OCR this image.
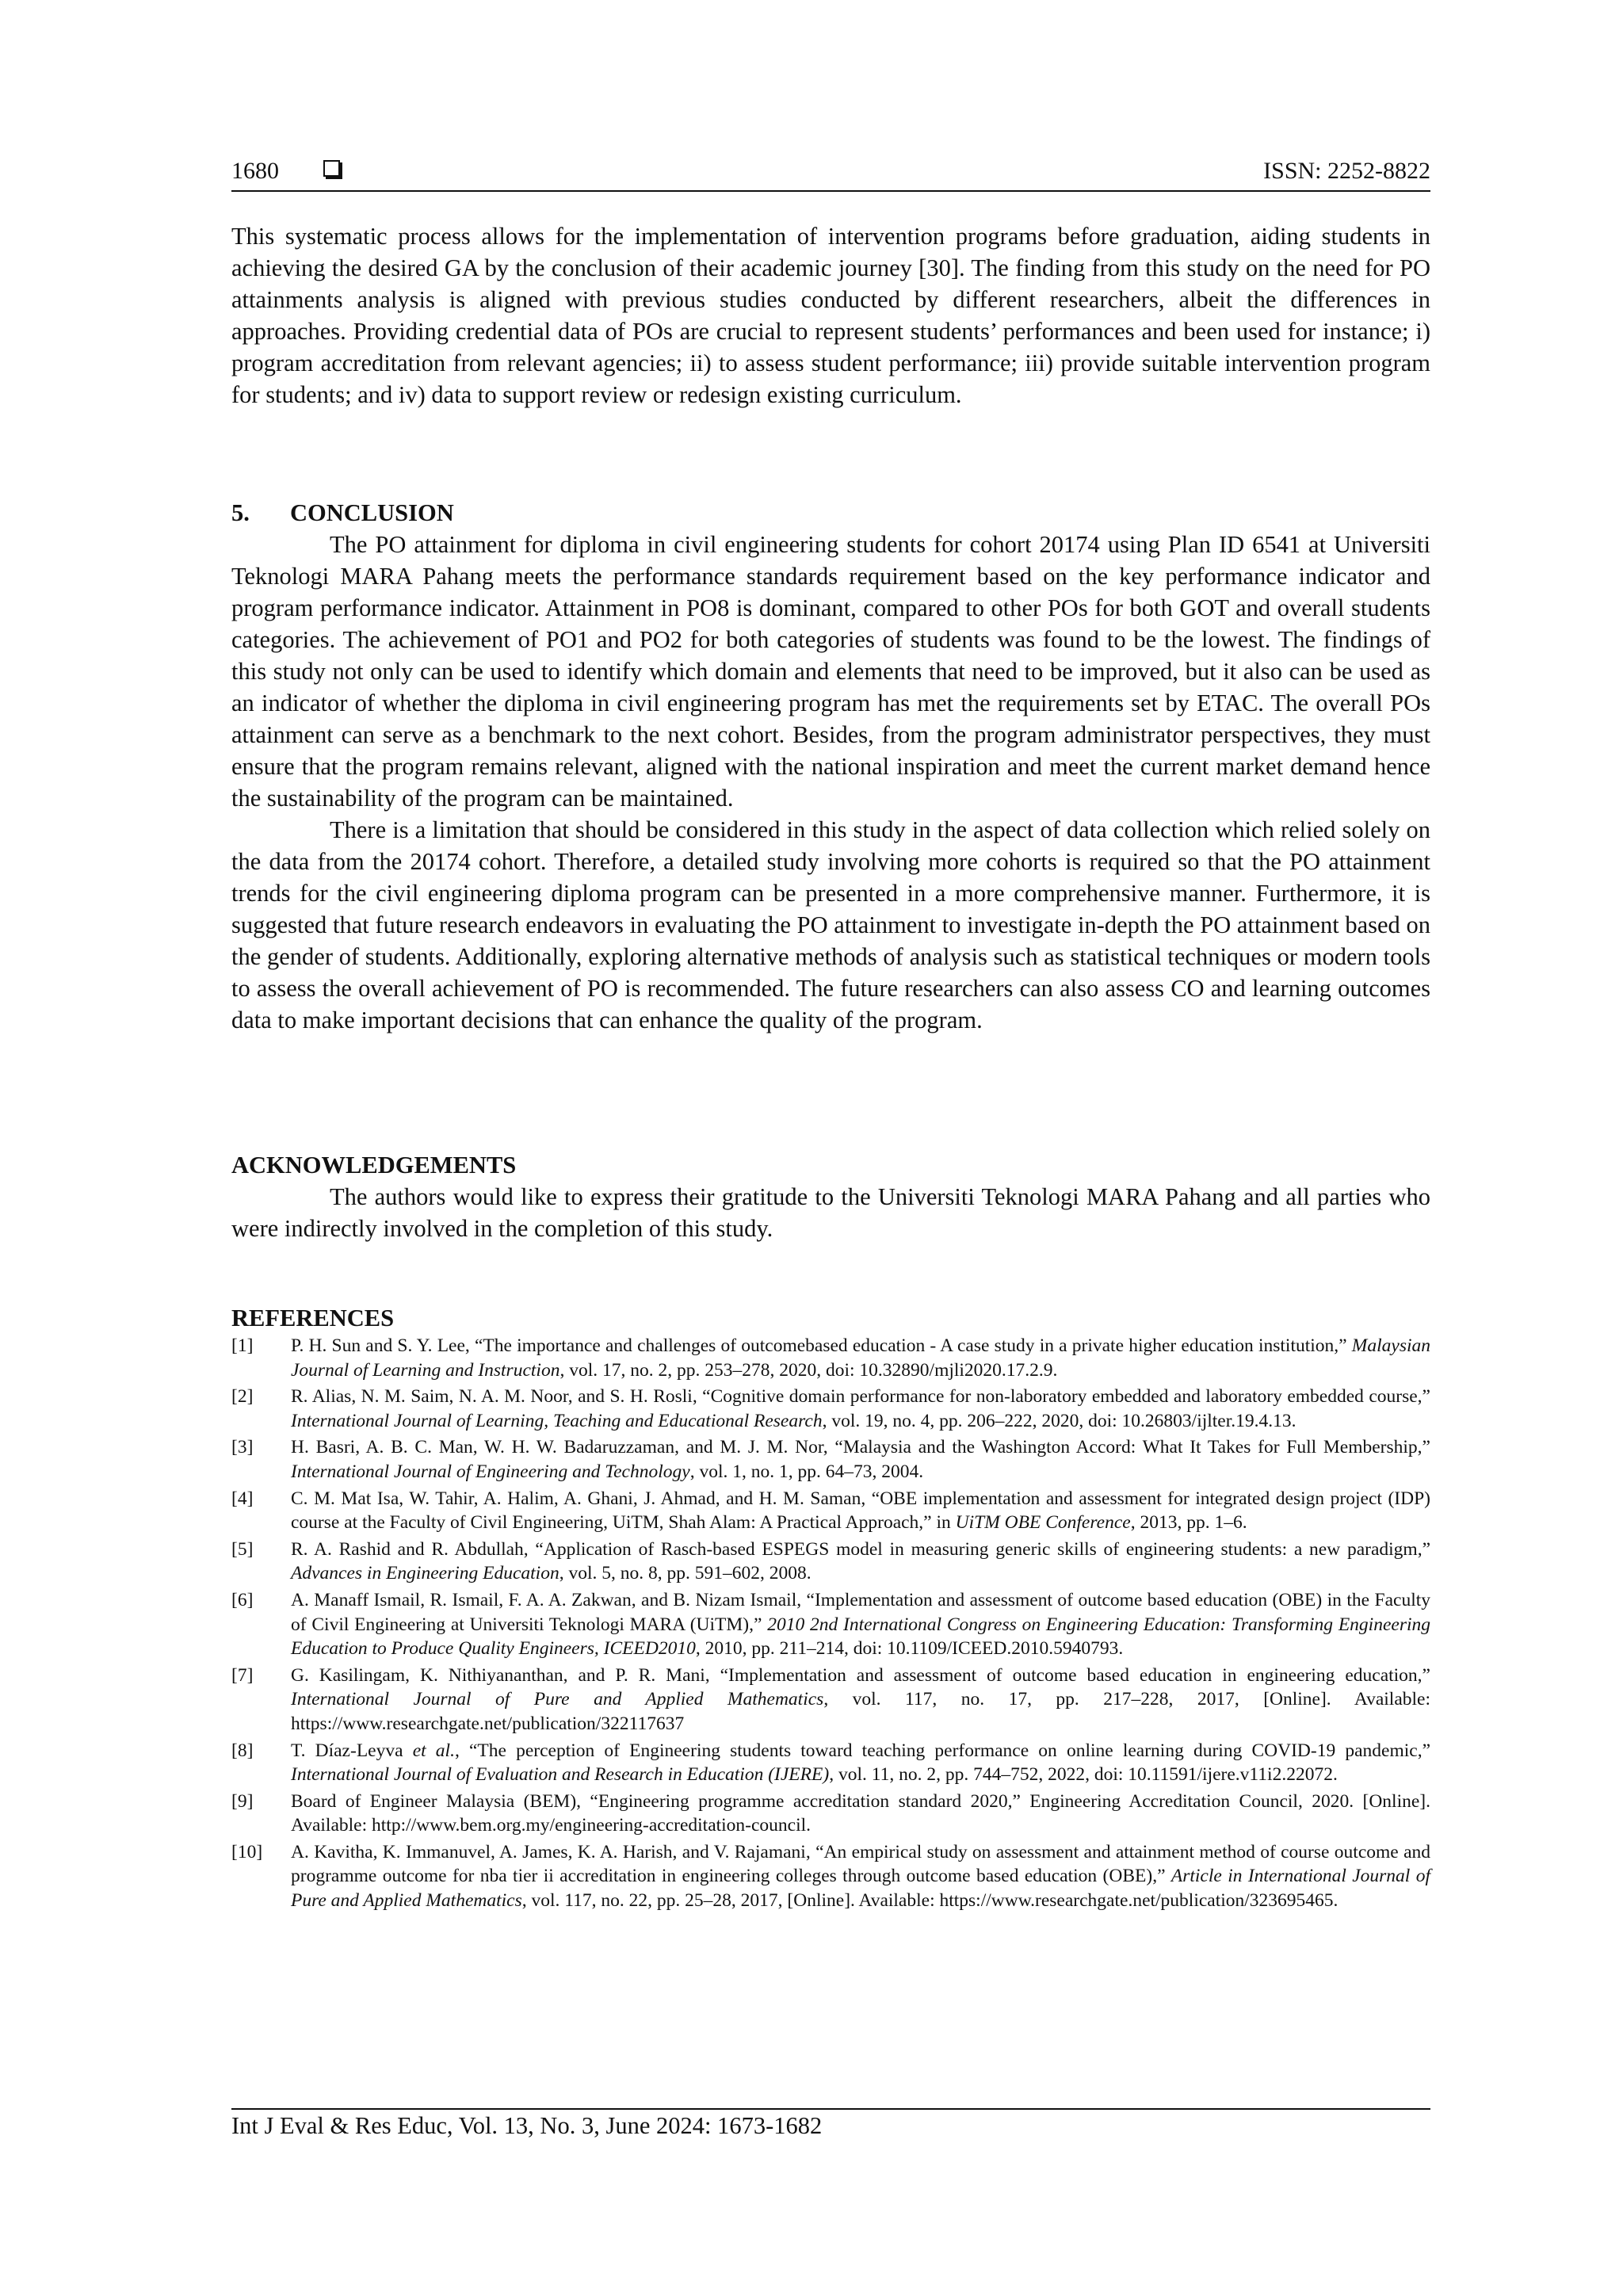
1680	ISSN: 2252-8822

This systematic process allows for the implementation of intervention programs before graduation, aiding students in achieving the desired GA by the conclusion of their academic journey [30]. The finding from this study on the need for PO attainments analysis is aligned with previous studies conducted by different researchers, albeit the differences in approaches. Providing credential data of POs are crucial to represent students’ performances and been used for instance; i) program accreditation from relevant agencies; ii) to assess student performance; iii) provide suitable intervention program for students; and iv) data to support review or redesign existing curriculum.

5. CONCLUSION

The PO attainment for diploma in civil engineering students for cohort 20174 using Plan ID 6541 at Universiti Teknologi MARA Pahang meets the performance standards requirement based on the key performance indicator and program performance indicator. Attainment in PO8 is dominant, compared to other POs for both GOT and overall students categories. The achievement of PO1 and PO2 for both categories of students was found to be the lowest. The findings of this study not only can be used to identify which domain and elements that need to be improved, but it also can be used as an indicator of whether the diploma in civil engineering program has met the requirements set by ETAC. The overall POs attainment can serve as a benchmark to the next cohort. Besides, from the program administrator perspectives, they must ensure that the program remains relevant, aligned with the national inspiration and meet the current market demand hence the sustainability of the program can be maintained.

There is a limitation that should be considered in this study in the aspect of data collection which relied solely on the data from the 20174 cohort. Therefore, a detailed study involving more cohorts is required so that the PO attainment trends for the civil engineering diploma program can be presented in a more comprehensive manner. Furthermore, it is suggested that future research endeavors in evaluating the PO attainment to investigate in-depth the PO attainment based on the gender of students. Additionally, exploring alternative methods of analysis such as statistical techniques or modern tools to assess the overall achievement of PO is recommended. The future researchers can also assess CO and learning outcomes data to make important decisions that can enhance the quality of the program.

ACKNOWLEDGEMENTS

The authors would like to express their gratitude to the Universiti Teknologi MARA Pahang and all parties who were indirectly involved in the completion of this study.

REFERENCES

[1]	P. H. Sun and S. Y. Lee, “The importance and challenges of outcomebased education - A case study in a private higher education institution,” Malaysian Journal of Learning and Instruction, vol. 17, no. 2, pp. 253–278, 2020, doi: 10.32890/mjli2020.17.2.9.
[2]	R. Alias, N. M. Saim, N. A. M. Noor, and S. H. Rosli, “Cognitive domain performance for non-laboratory embedded and laboratory embedded course,” International Journal of Learning, Teaching and Educational Research, vol. 19, no. 4, pp. 206–222, 2020, doi: 10.26803/ijlter.19.4.13.
[3]	H. Basri, A. B. C. Man, W. H. W. Badaruzzaman, and M. J. M. Nor, “Malaysia and the Washington Accord: What It Takes for Full Membership,” International Journal of Engineering and Technology, vol. 1, no. 1, pp. 64–73, 2004.
[4]	C. M. Mat Isa, W. Tahir, A. Halim, A. Ghani, J. Ahmad, and H. M. Saman, “OBE implementation and assessment for integrated design project (IDP) course at the Faculty of Civil Engineering, UiTM, Shah Alam: A Practical Approach,” in UiTM OBE Conference, 2013, pp. 1–6.
[5]	R. A. Rashid and R. Abdullah, “Application of Rasch-based ESPEGS model in measuring generic skills of engineering students: a new paradigm,” Advances in Engineering Education, vol. 5, no. 8, pp. 591–602, 2008.
[6]	A. Manaff Ismail, R. Ismail, F. A. A. Zakwan, and B. Nizam Ismail, “Implementation and assessment of outcome based education (OBE) in the Faculty of Civil Engineering at Universiti Teknologi MARA (UiTM),” 2010 2nd International Congress on Engineering Education: Transforming Engineering Education to Produce Quality Engineers, ICEED2010, 2010, pp. 211–214, doi: 10.1109/ICEED.2010.5940793.
[7]	G. Kasilingam, K. Nithiyananthan, and P. R. Mani, “Implementation and assessment of outcome based education in engineering education,” International Journal of Pure and Applied Mathematics, vol. 117, no. 17, pp. 217–228, 2017, [Online]. Available: https://www.researchgate.net/publication/322117637
[8]	T. Díaz-Leyva et al., “The perception of Engineering students toward teaching performance on online learning during COVID-19 pandemic,” International Journal of Evaluation and Research in Education (IJERE), vol. 11, no. 2, pp. 744–752, 2022, doi: 10.11591/ijere.v11i2.22072.
[9]	Board of Engineer Malaysia (BEM), “Engineering programme accreditation standard 2020,” Engineering Accreditation Council, 2020. [Online]. Available: http://www.bem.org.my/engineering-accreditation-council.
[10]	A. Kavitha, K. Immanuvel, A. James, K. A. Harish, and V. Rajamani, “An empirical study on assessment and attainment method of course outcome and programme outcome for nba tier ii accreditation in engineering colleges through outcome based education (OBE),” Article in International Journal of Pure and Applied Mathematics, vol. 117, no. 22, pp. 25–28, 2017, [Online]. Available: https://www.researchgate.net/publication/323695465.
Int J Eval & Res Educ, Vol. 13, No. 3, June 2024: 1673-1682
